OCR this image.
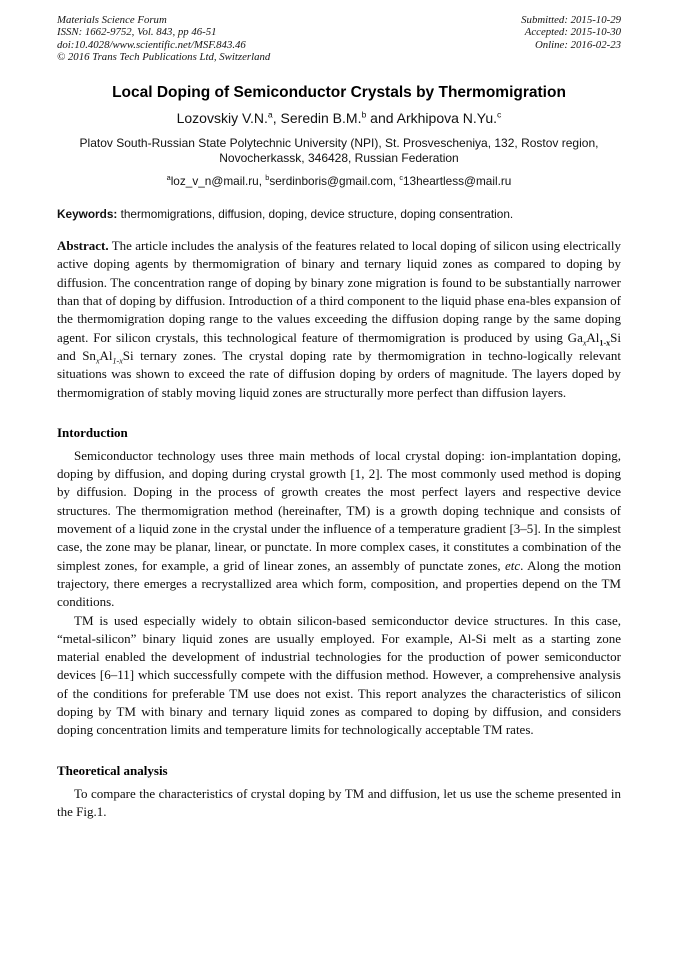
Materials Science Forum
ISSN: 1662-9752, Vol. 843, pp 46-51
doi:10.4028/www.scientific.net/MSF.843.46
© 2016 Trans Tech Publications Ltd, Switzerland
Submitted: 2015-10-29
Accepted: 2015-10-30
Online: 2016-02-23
Local Doping of Semiconductor Crystals by Thermomigration
Lozovskiy V.N.$^a$, Seredin B.M.$^b$ and Arkhipova N.Yu.$^c$
Platov South-Russian State Polytechnic University (NPI), St. Prosvescheniya, 132, Rostov region, Novocherkassk, 346428, Russian Federation
$^a$loz_v_n@mail.ru, $^b$serdinboris@gmail.com, $^c$13heartless@mail.ru
Keywords: thermomigrations, diffusion, doping, device structure, doping consentration.

Abstract. The article includes the analysis of the features related to local doping of silicon using electrically active doping agents by thermomigration of binary and ternary liquid zones as compared to doping by diffusion. The concentration range of doping by binary zone migration is found to be substantially narrower than that of doping by diffusion. Introduction of a third component to the liquid phase ena-bles expansion of the thermomigration doping range to the values exceeding the diffusion doping range by the same doping agent. For silicon crystals, this technological feature of thermomigration is produced by using $Ga_xAl_{1-x}Si$ and $Sn_xAl_{1-x}Si$ ternary zones. The crystal doping rate by thermomigration in techno-logically relevant situations was shown to exceed the rate of diffusion doping by orders of magnitude. The layers doped by thermomigration of stably moving liquid zones are structurally more perfect than diffusion layers.

Intorduction

Semiconductor technology uses three main methods of local crystal doping: ion-implantation doping, doping by diffusion, and doping during crystal growth [1, 2]. The most commonly used method is doping by diffusion. Doping in the process of growth creates the most perfect layers and respective device structures. The thermomigration method (hereinafter, TM) is a growth doping technique and consists of movement of a liquid zone in the crystal under the influence of a temperature gradient [3–5]. In the simplest case, the zone may be planar, linear, or punctate. In more complex cases, it constitutes a combination of the simplest zones, for example, a grid of linear zones, an assembly of punctate zones, etc. Along the motion trajectory, there emerges a recrystallized area which form, composition, and properties depend on the TM conditions.

TM is used especially widely to obtain silicon-based semiconductor device structures. In this case, “metal-silicon” binary liquid zones are usually employed. For example, Al-Si melt as a starting zone material enabled the development of industrial technologies for the production of power semiconductor devices [6–11] which successfully compete with the diffusion method. However, a comprehensive analysis of the conditions for preferable TM use does not exist. This report analyzes the characteristics of silicon doping by TM with binary and ternary liquid zones as compared to doping by diffusion, and considers doping concentration limits and temperature limits for technologically acceptable TM rates.

Theoretical analysis

To compare the characteristics of crystal doping by TM and diffusion, let us use the scheme presented in the Fig.1.
